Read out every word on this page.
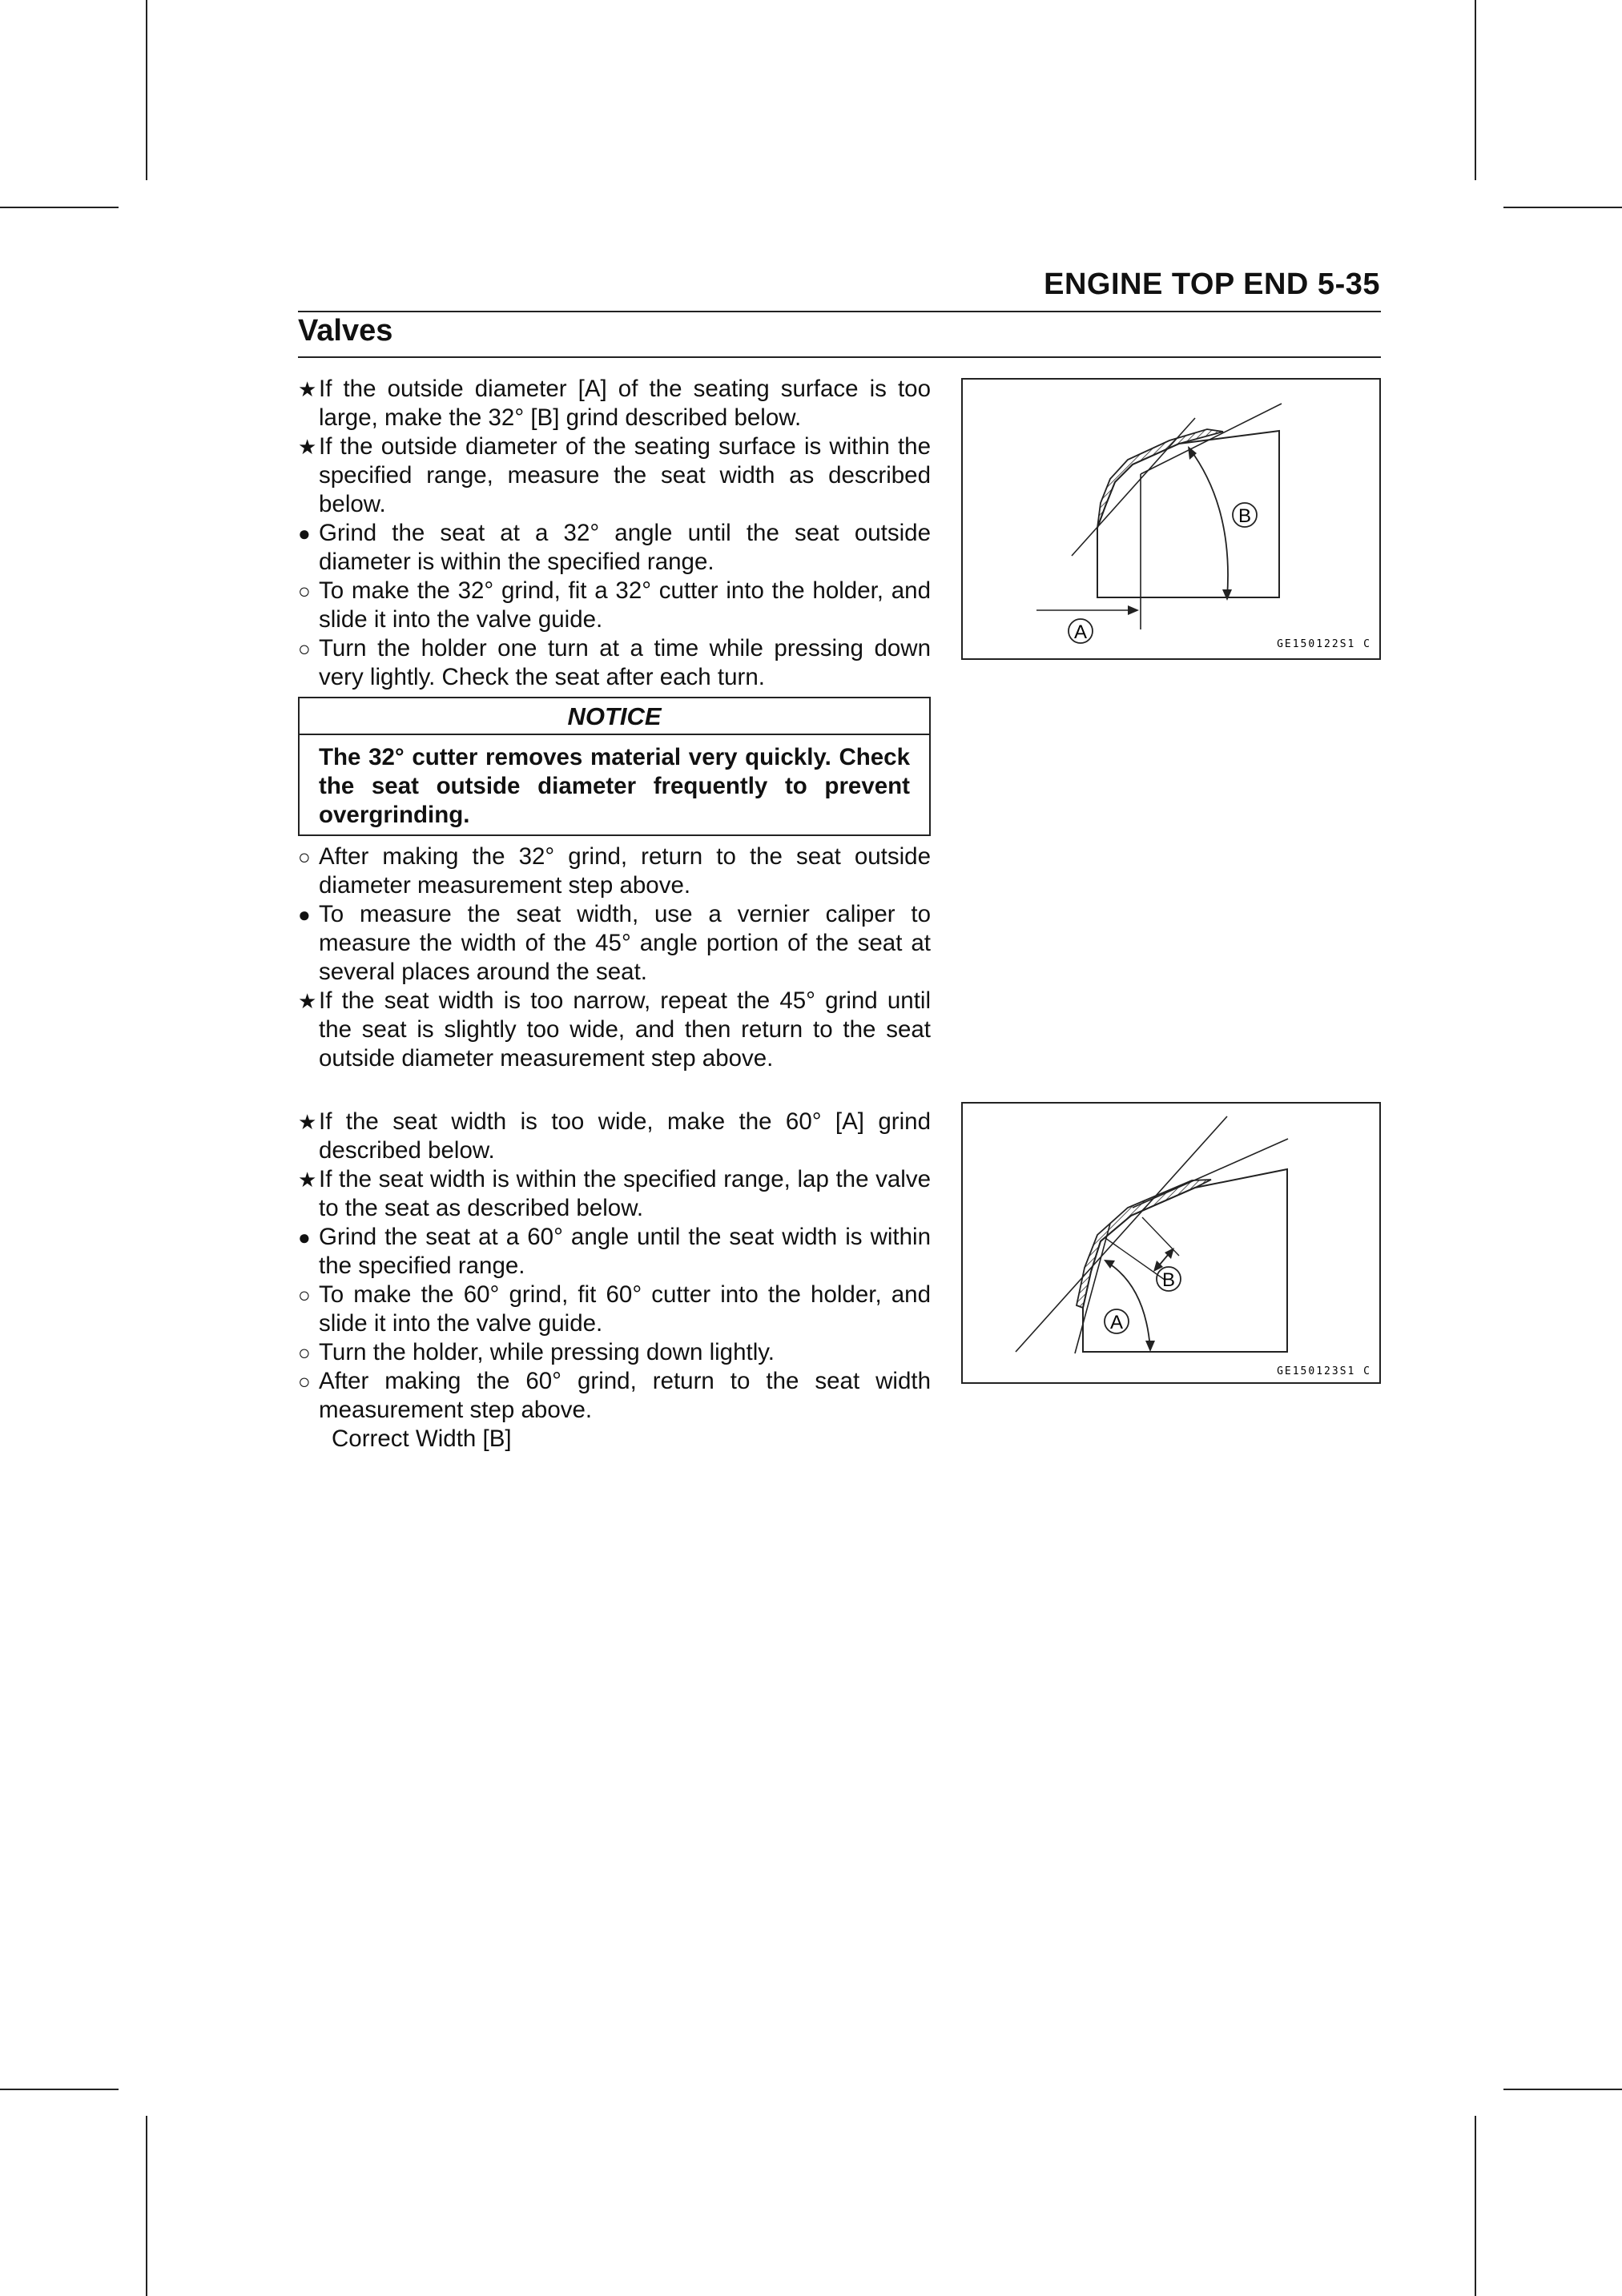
ENGINE TOP END 5-35
Valves
★ If the outside diameter [A] of the seating surface is too large, make the 32° [B] grind described below.
★ If the outside diameter of the seating surface is within the specified range, measure the seat width as described below.
● Grind the seat at a 32° angle until the seat outside diameter is within the specified range.
○ To make the 32° grind, fit a 32° cutter into the holder, and slide it into the valve guide.
○ Turn the holder one turn at a time while pressing down very lightly. Check the seat after each turn.
NOTICE
The 32° cutter removes material very quickly. Check the seat outside diameter frequently to prevent overgrinding.
○ After making the 32° grind, return to the seat outside diameter measurement step above.
● To measure the seat width, use a vernier caliper to measure the width of the 45° angle portion of the seat at several places around the seat.
★ If the seat width is too narrow, repeat the 45° grind until the seat is slightly too wide, and then return to the seat outside diameter measurement step above.
★ If the seat width is too wide, make the 60° [A] grind described below.
★ If the seat width is within the specified range, lap the valve to the seat as described below.
● Grind the seat at a 60° angle until the seat width is within the specified range.
○ To make the 60° grind, fit 60° cutter into the holder, and slide it into the valve guide.
○ Turn the holder, while pressing down lightly.
○ After making the 60° grind, return to the seat width measurement step above.
Correct Width [B]
B
A
GE150122S1 C
B
A
GE150123S1 C
